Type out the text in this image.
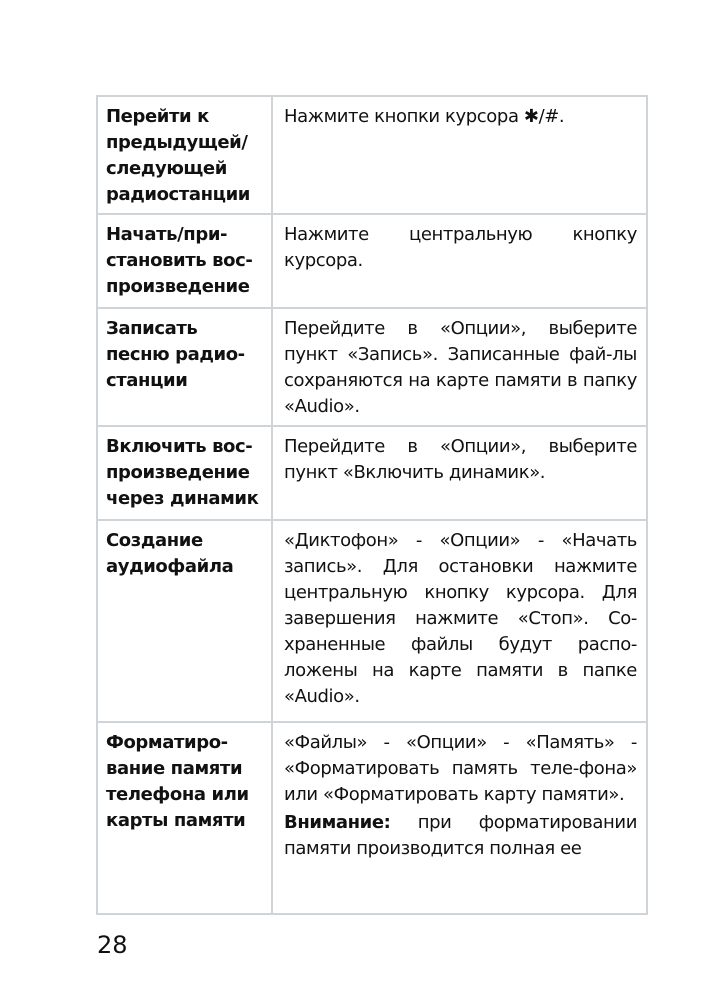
Перейти к предыдущей/ следующей радиостанции

Нажмите кнопки курсора ✱/#.

Начать/при-становить вос-произведение

Нажмите центральную кнопку курсора.

Записать песню радио-станции

Перейдите в «Опции», выберите пункт «Запись». Записанные фай-лы сохраняются на карте памяти в папку «Audio».

Включить вос-произведение через динамик

Перейдите в «Опции», выберите пункт «Включить динамик».

Создание аудиофайла

«Диктофон» - «Опции» - «Начать запись». Для остановки нажмите центральную кнопку курсора. Для завершения нажмите «Стоп». Со-храненные файлы будут распо-ложены на карте памяти в папке «Audio».

Форматиро-вание памяти телефона или карты памяти

«Файлы» - «Опции» - «Память» - «Форматировать память теле-фона» или «Форматировать карту памяти».

Внимание: при форматировании памяти производится полная ее

28
